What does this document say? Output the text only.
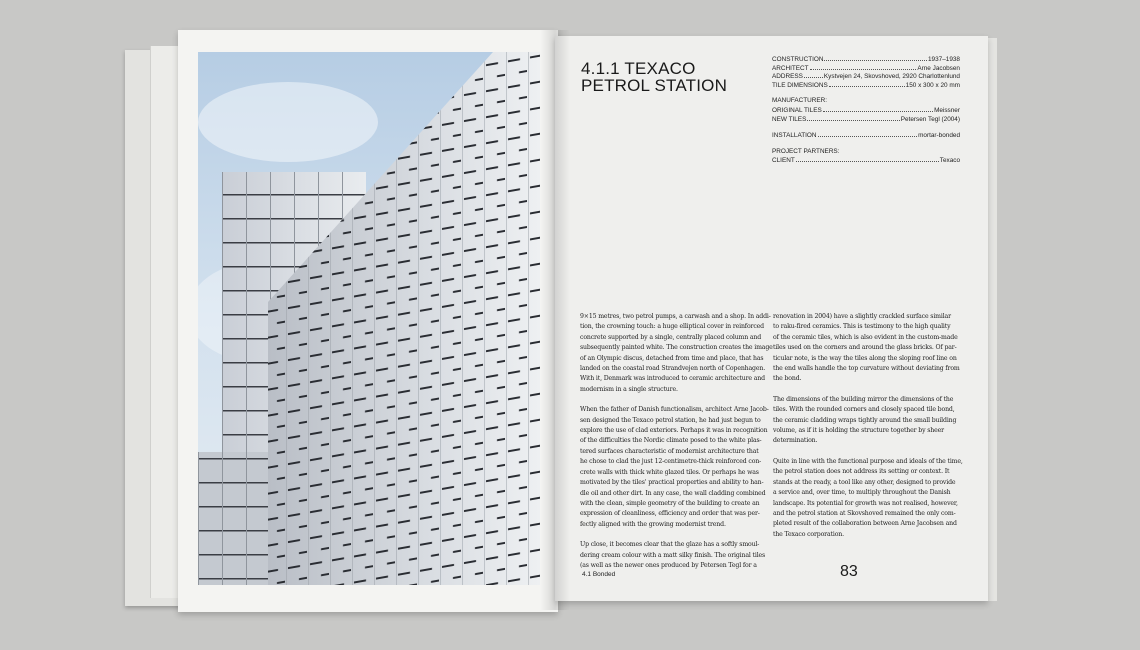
4.1.1 TEXACO
PETROL STATION
CONSTRUCTION	1937–1938
ARCHITECT	Arne Jacobsen
ADDRESS	Kystvejen 24, Skovshoved, 2920 Charlottenlund
TILE DIMENSIONS	150 x 300 x 20 mm
MANUFACTURER:
ORIGINAL TILES	Meissner
NEW TILES	Petersen Tegl (2004)
INSTALLATION	mortar-bonded
PROJECT PARTNERS:
CLIENT	Texaco

9×15 metres, two petrol pumps, a carwash and a shop. In addi-
tion, the crowning touch: a huge elliptical cover in reinforced
concrete supported by a single, centrally placed column and
subsequently painted white. The construction creates the image
of an Olympic discus, detached from time and place, that has
landed on the coastal road Strandvejen north of Copenhagen.
With it, Denmark was introduced to ceramic architecture and
modernism in a single structure.

When the father of Danish functionalism, architect Arne Jacob-
sen designed the Texaco petrol station, he had just begun to
explore the use of clad exteriors. Perhaps it was in recognition
of the difficulties the Nordic climate posed to the white plas-
tered surfaces characteristic of modernist architecture that
he chose to clad the just 12-centimetre-thick reinforced con-
crete walls with thick white glazed tiles. Or perhaps he was
motivated by the tiles' practical properties and ability to han-
dle oil and other dirt. In any case, the wall cladding combined
with the clean, simple geometry of the building to create an
expression of cleanliness, efficiency and order that was per-
fectly aligned with the growing modernist trend.

Up close, it becomes clear that the glaze has a softly smoul-
dering cream colour with a matt silky finish. The original tiles
(as well as the newer ones produced by Petersen Tegl for a

renovation in 2004) have a slightly crackled surface similar
to raku-fired ceramics. This is testimony to the high quality
of the ceramic tiles, which is also evident in the custom-made
tiles used on the corners and around the glass bricks. Of par-
ticular note, is the way the tiles along the sloping roof line on
the end walls handle the top curvature without deviating from
the bond.

The dimensions of the building mirror the dimensions of the
tiles. With the rounded corners and closely spaced tile bond,
the ceramic cladding wraps tightly around the small building
volume, as if it is holding the structure together by sheer
determination.

Quite in line with the functional purpose and ideals of the time,
the petrol station does not address its setting or context. It
stands at the ready, a tool like any other, designed to provide
a service and, over time, to multiply throughout the Danish
landscape. Its potential for growth was not realised, however,
and the petrol station at Skovshoved remained the only com-
pleted result of the collaboration between Arne Jacobsen and
the Texaco corporation.

4.1 Bonded	83
